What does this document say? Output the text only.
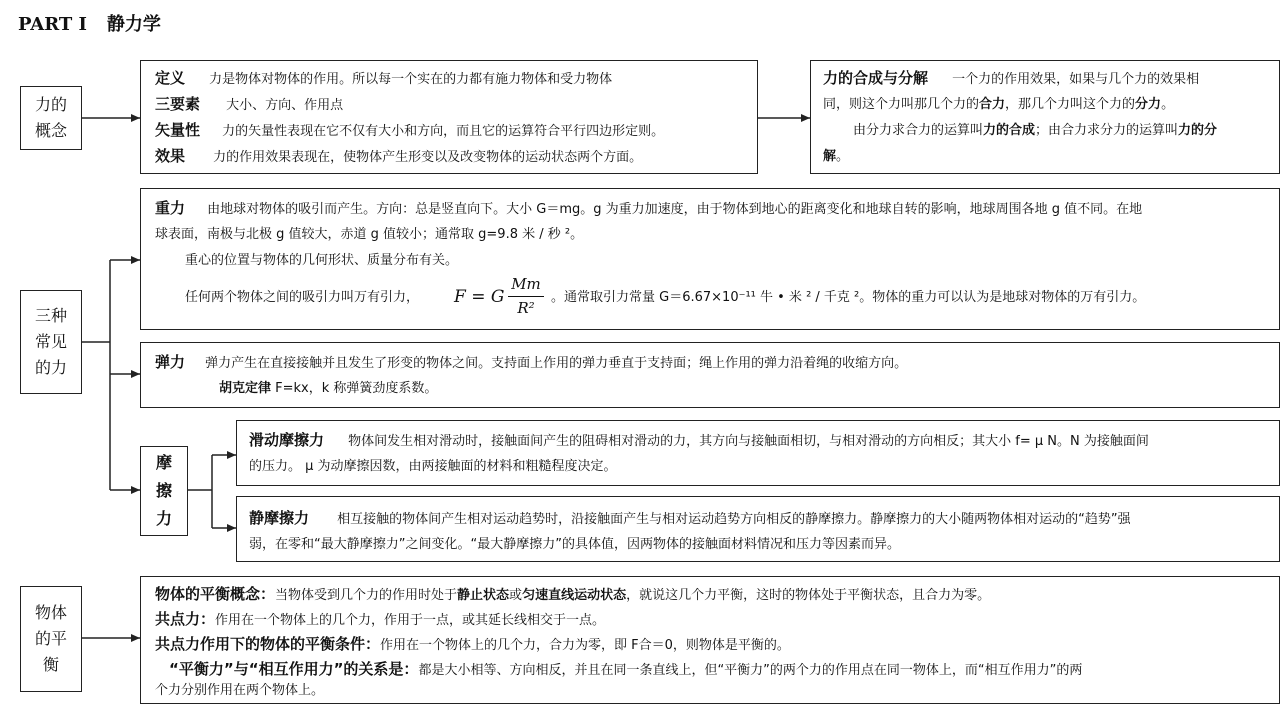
PART I 静力学
力的
概念
定义 力是物体对物体的作用。所以每一个实在的力都有施力物体和受力物体
三要素 大小、方向、作用点
矢量性 力的矢量性表现在它不仅有大小和方向，而且它的运算符合平行四边形定则。
效果 力的作用效果表现在，使物体产生形变以及改变物体的运动状态两个方面。
力的合成与分解 一个力的作用效果，如果与几个力的效果相
同，则这个力叫那几个力的合力，那几个力叫这个力的分力。
由分力求合力的运算叫力的合成；由合力求分力的运算叫力的分
解。
三种
常见
的力
重力 由地球对物体的吸引而产生。方向：总是竖直向下。大小 G＝mg。g 为重力加速度，由于物体到地心的距离变化和地球自转的影响，地球周围各地 g 值不同。在地
球表面，南极与北极 g 值较大，赤道 g 值较小；通常取 g=9.8 米 / 秒 ²。
重心的位置与物体的几何形状、质量分布有关。
任何两个物体之间的吸引力叫万有引力， F = G
Mm
R²
。通常取引力常量 G＝6.67×10⁻¹¹ 牛 • 米 ² / 千克 ²。物体的重力可以认为是地球对物体的万有引力。
弹力 弹力产生在直接接触并且发生了形变的物体之间。支持面上作用的弹力垂直于支持面；绳上作用的弹力沿着绳的收缩方向。
胡克定律 F=kx，k 称弹簧劲度系数。
摩
擦
力
滑动摩擦力 物体间发生相对滑动时，接触面间产生的阻碍相对滑动的力，其方向与接触面相切，与相对滑动的方向相反；其大小 f= μ N。N 为接触面间
的压力。 μ 为动摩擦因数，由两接触面的材料和粗糙程度决定。
静摩擦力 相互接触的物体间产生相对运动趋势时，沿接触面产生与相对运动趋势方向相反的静摩擦力。静摩擦力的大小随两物体相对运动的“趋势”强
弱，在零和“最大静摩擦力”之间变化。“最大静摩擦力”的具体值，因两物体的接触面材料情况和压力等因素而异。
物体
的平
衡
物体的平衡概念：当物体受到几个力的作用时处于静止状态或匀速直线运动状态，就说这几个力平衡，这时的物体处于平衡状态，且合力为零。
共点力：作用在一个物体上的几个力，作用于一点，或其延长线相交于一点。
共点力作用下的物体的平衡条件：作用在一个物体上的几个力，合力为零，即 F合＝0，则物体是平衡的。
“平衡力”与“相互作用力”的关系是：都是大小相等、方向相反，并且在同一条直线上，但“平衡力”的两个力的作用点在同一物体上，而“相互作用力”的两
个力分别作用在两个物体上。
